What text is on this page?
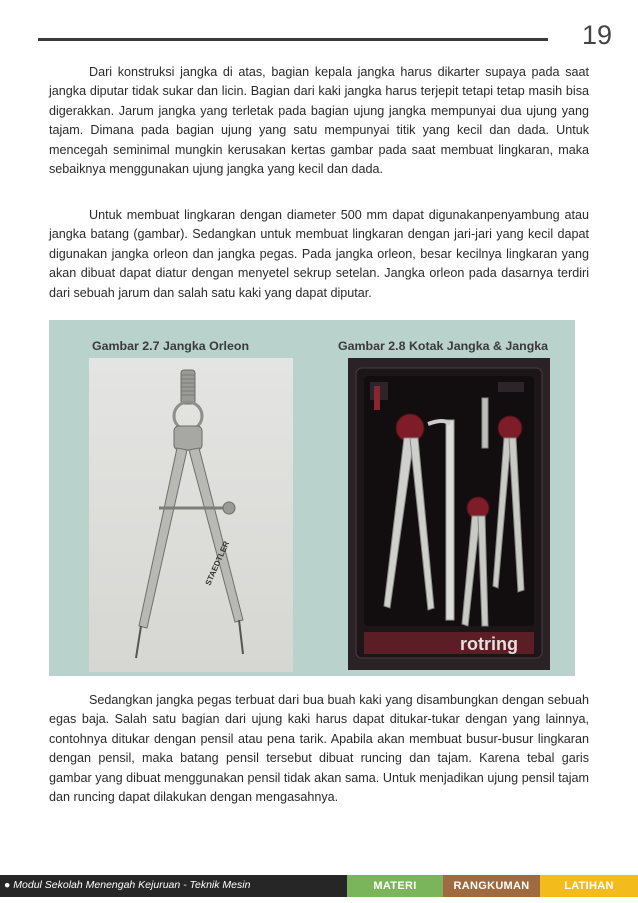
19

Dari konstruksi jangka di atas, bagian kepala jangka harus dikarter supaya pada saat jangka diputar tidak sukar dan licin. Bagian dari kaki jangka harus terjepit tetapi tetap masih bisa digerakkan. Jarum jangka yang terletak pada bagian ujung jangka mempunyai dua ujung yang tajam. Dimana pada bagian ujung yang satu mempunyai titik yang kecil dan dada. Untuk mencegah seminimal mungkin kerusakan kertas gambar pada saat membuat lingkaran, maka sebaiknya menggunakan ujung jangka yang kecil dan dada.

Untuk membuat lingkaran dengan diameter 500 mm dapat digunakanpenyambung atau jangka batang (gambar). Sedangkan untuk membuat lingkaran dengan jari-jari yang kecil dapat digunakan jangka orleon dan jangka pegas. Pada jangka orleon, besar kecilnya lingkaran yang akan dibuat dapat diatur dengan menyetel sekrup setelan. Jangka orleon pada dasarnya terdiri dari sebuah jarum dan salah satu kaki yang dapat diputar.

Gambar 2.7 Jangka Orleon	Gambar 2.8 Kotak Jangka & Jangka
STAEDTLER
rotring

Sedangkan jangka pegas terbuat dari bua buah kaki yang disambungkan dengan sebuah egas baja. Salah satu bagian dari ujung kaki harus dapat ditukar-tukar dengan yang lainnya, contohnya ditukar dengan pensil atau pena tarik. Apabila akan membuat busur-busur lingkaran dengan pensil, maka batang pensil tersebut dibuat runcing dan tajam. Karena tebal garis gambar yang dibuat menggunakan pensil tidak akan sama. Untuk menjadikan ujung pensil tajam dan runcing dapat dilakukan dengan mengasahnya.

● Modul Sekolah Menengah Kejuruan - Teknik Mesin	MATERI	RANGKUMAN	LATIHAN
